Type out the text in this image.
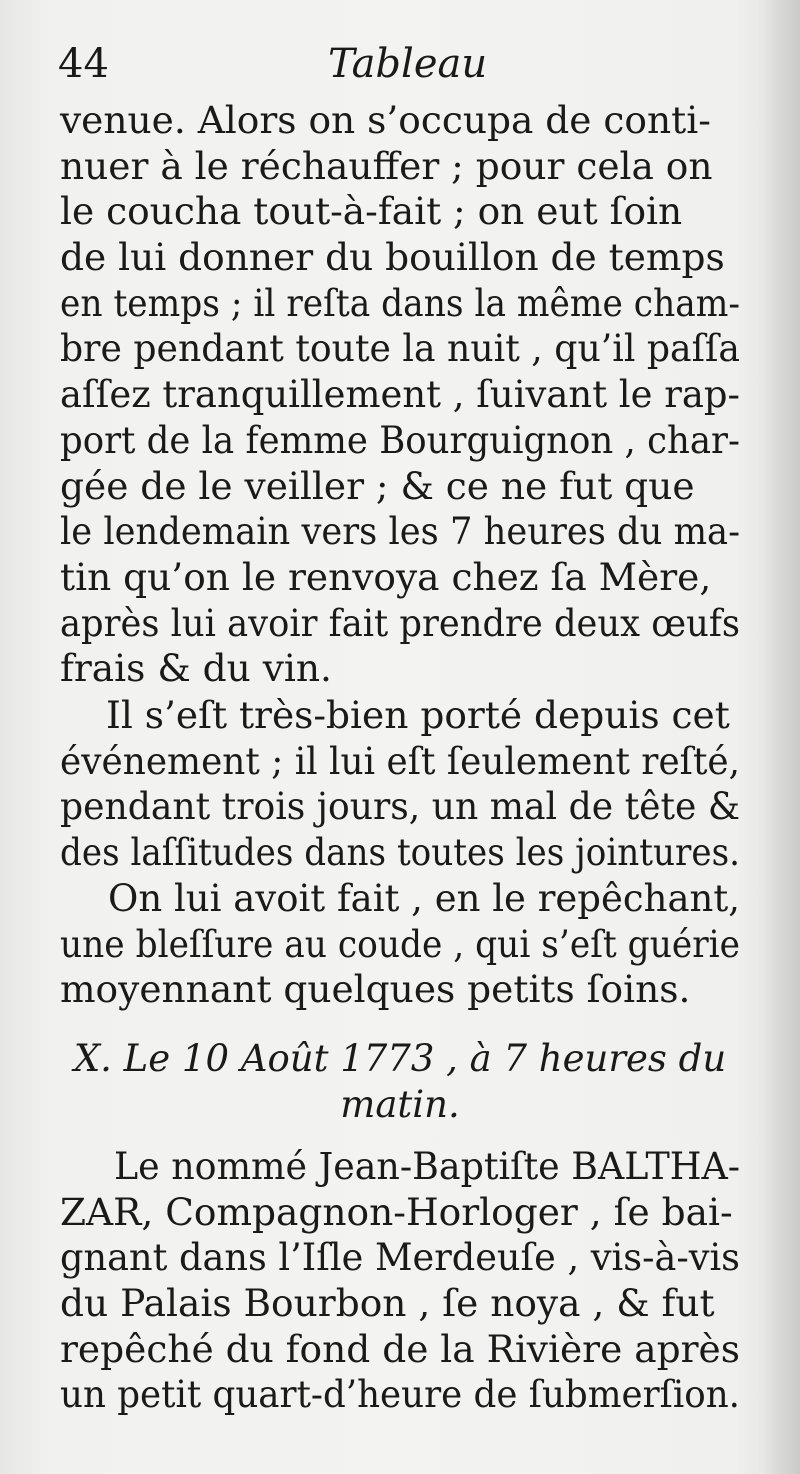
44	Tableau
venue. Alors on s’occupa de conti-
nuer à le réchauffer ; pour cela on
le coucha tout-à-fait ; on eut ſoin
de lui donner du bouillon de temps
en temps ; il reſta dans la même cham-
bre pendant toute la nuit , qu’il paſſa
aſſez tranquillement , ſuivant le rap-
port de la femme Bourguignon , char-
gée de le veiller ; & ce ne fut que
le lendemain vers les 7 heures du ma-
tin qu’on le renvoya chez ſa Mère,
après lui avoir fait prendre deux œufs
frais & du vin.
Il s’eſt très-bien porté depuis cet
événement ; il lui eſt ſeulement reſté,
pendant trois jours, un mal de tête &
des laſſitudes dans toutes les jointures.
On lui avoit fait , en le repêchant,
une bleſſure au coude , qui s’eſt guérie
moyennant quelques petits ſoins.
X. Le 10 Août 1773 , à 7 heures du
matin.
Le nommé Jean-Baptiſte BALTHA-
ZAR, Compagnon-Horloger , ſe bai-
gnant dans l’Iſle Merdeuſe , vis-à-vis
du Palais Bourbon , ſe noya , & fut
repêché du fond de la Rivière après
un petit quart-d’heure de ſubmerſion.
